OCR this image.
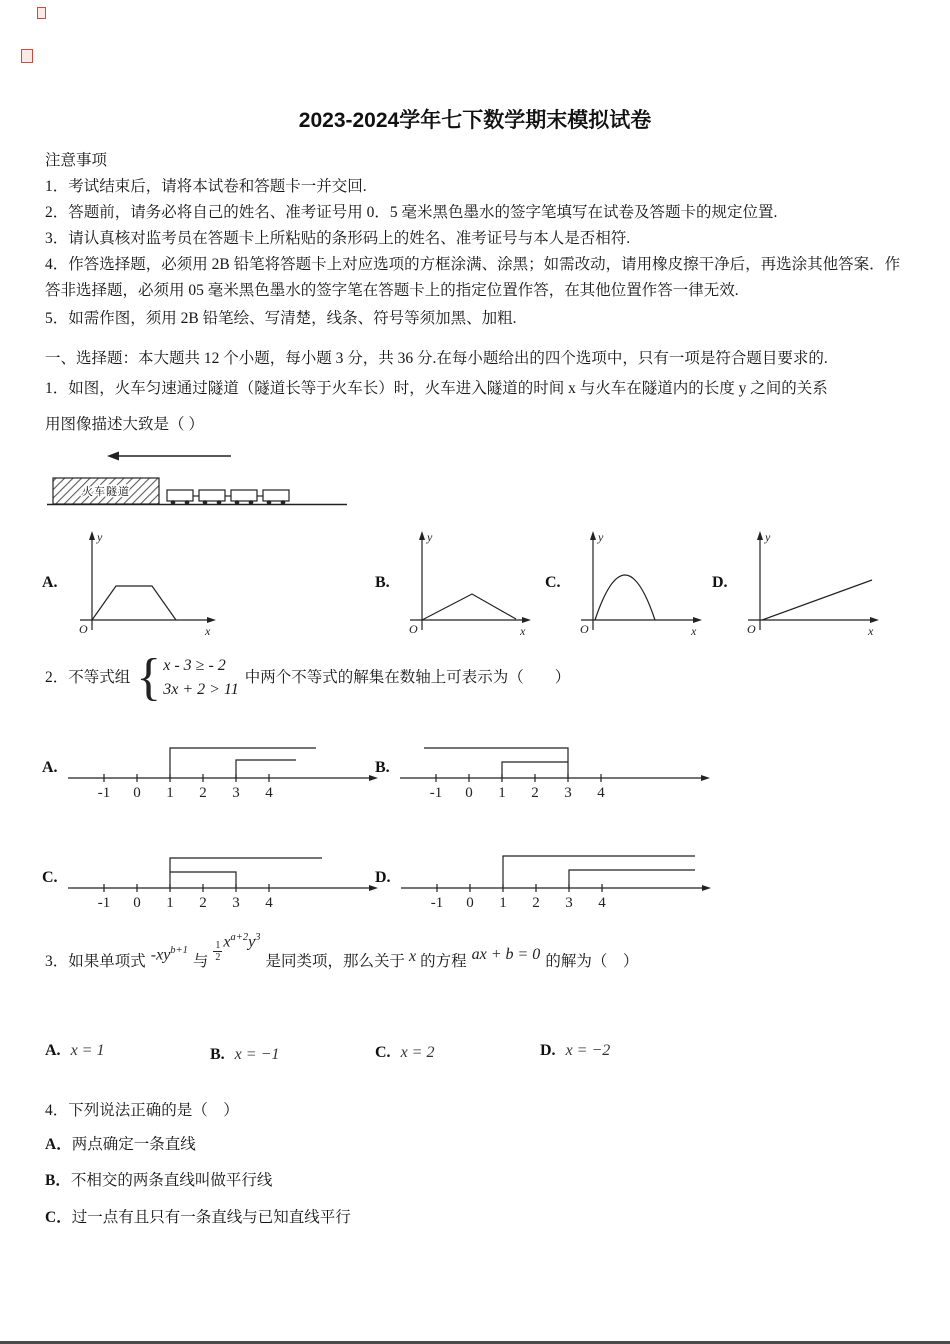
2023-2024学年七下数学期末模拟试卷
注意事项
1．考试结束后，请将本试卷和答题卡一并交回.
2．答题前，请务必将自己的姓名、准考证号用 0．5 毫米黑色墨水的签字笔填写在试卷及答题卡的规定位置.
3．请认真核对监考员在答题卡上所粘贴的条形码上的姓名、准考证号与本人是否相符.
4．作答选择题，必须用 2B 铅笔将答题卡上对应选项的方框涂满、涂黑；如需改动，请用橡皮擦干净后，再选涂其他答案．作答非选择题，必须用 05 毫米黑色墨水的签字笔在答题卡上的指定位置作答，在其他位置作答一律无效.
5．如需作图，须用 2B 铅笔绘、写清楚，线条、符号等须加黑、加粗.
一、选择题：本大题共 12 个小题，每小题 3 分，共 36 分.在每小题给出的四个选项中，只有一项是符合题目要求的.
1．如图，火车匀速通过隧道（隧道长等于火车长）时，火车进入隧道的时间 x 与火车在隧道内的长度 y 之间的关系
用图像描述大致是（ ）
火车隧道
A.
y
x
O
B.
y
x
O
C.
y
x
O
D.
y
x
O
2．不等式组 { x - 3 ≥ - 2
3x + 2 > 11
中两个不等式的解集在数轴上可表示为（　　）
A.
-1 0 1 2 3 4
B.
-1 0 1 2 3 4
C.
-1 0 1 2 3 4
D.
-1 0 1 2 3 4
3．如果单项式 $-xy^{b+1}$
与 $\frac{1}{2} x^{a+2}y^3$
是同类项，那么关于 x 的方程 ax + b = 0 的解为（　）
A. x = 1	B. x = −1	C. x = 2	D. x = −2
4．下列说法正确的是（　）
A．两点确定一条直线
B．不相交的两条直线叫做平行线
C．过一点有且只有一条直线与已知直线平行
